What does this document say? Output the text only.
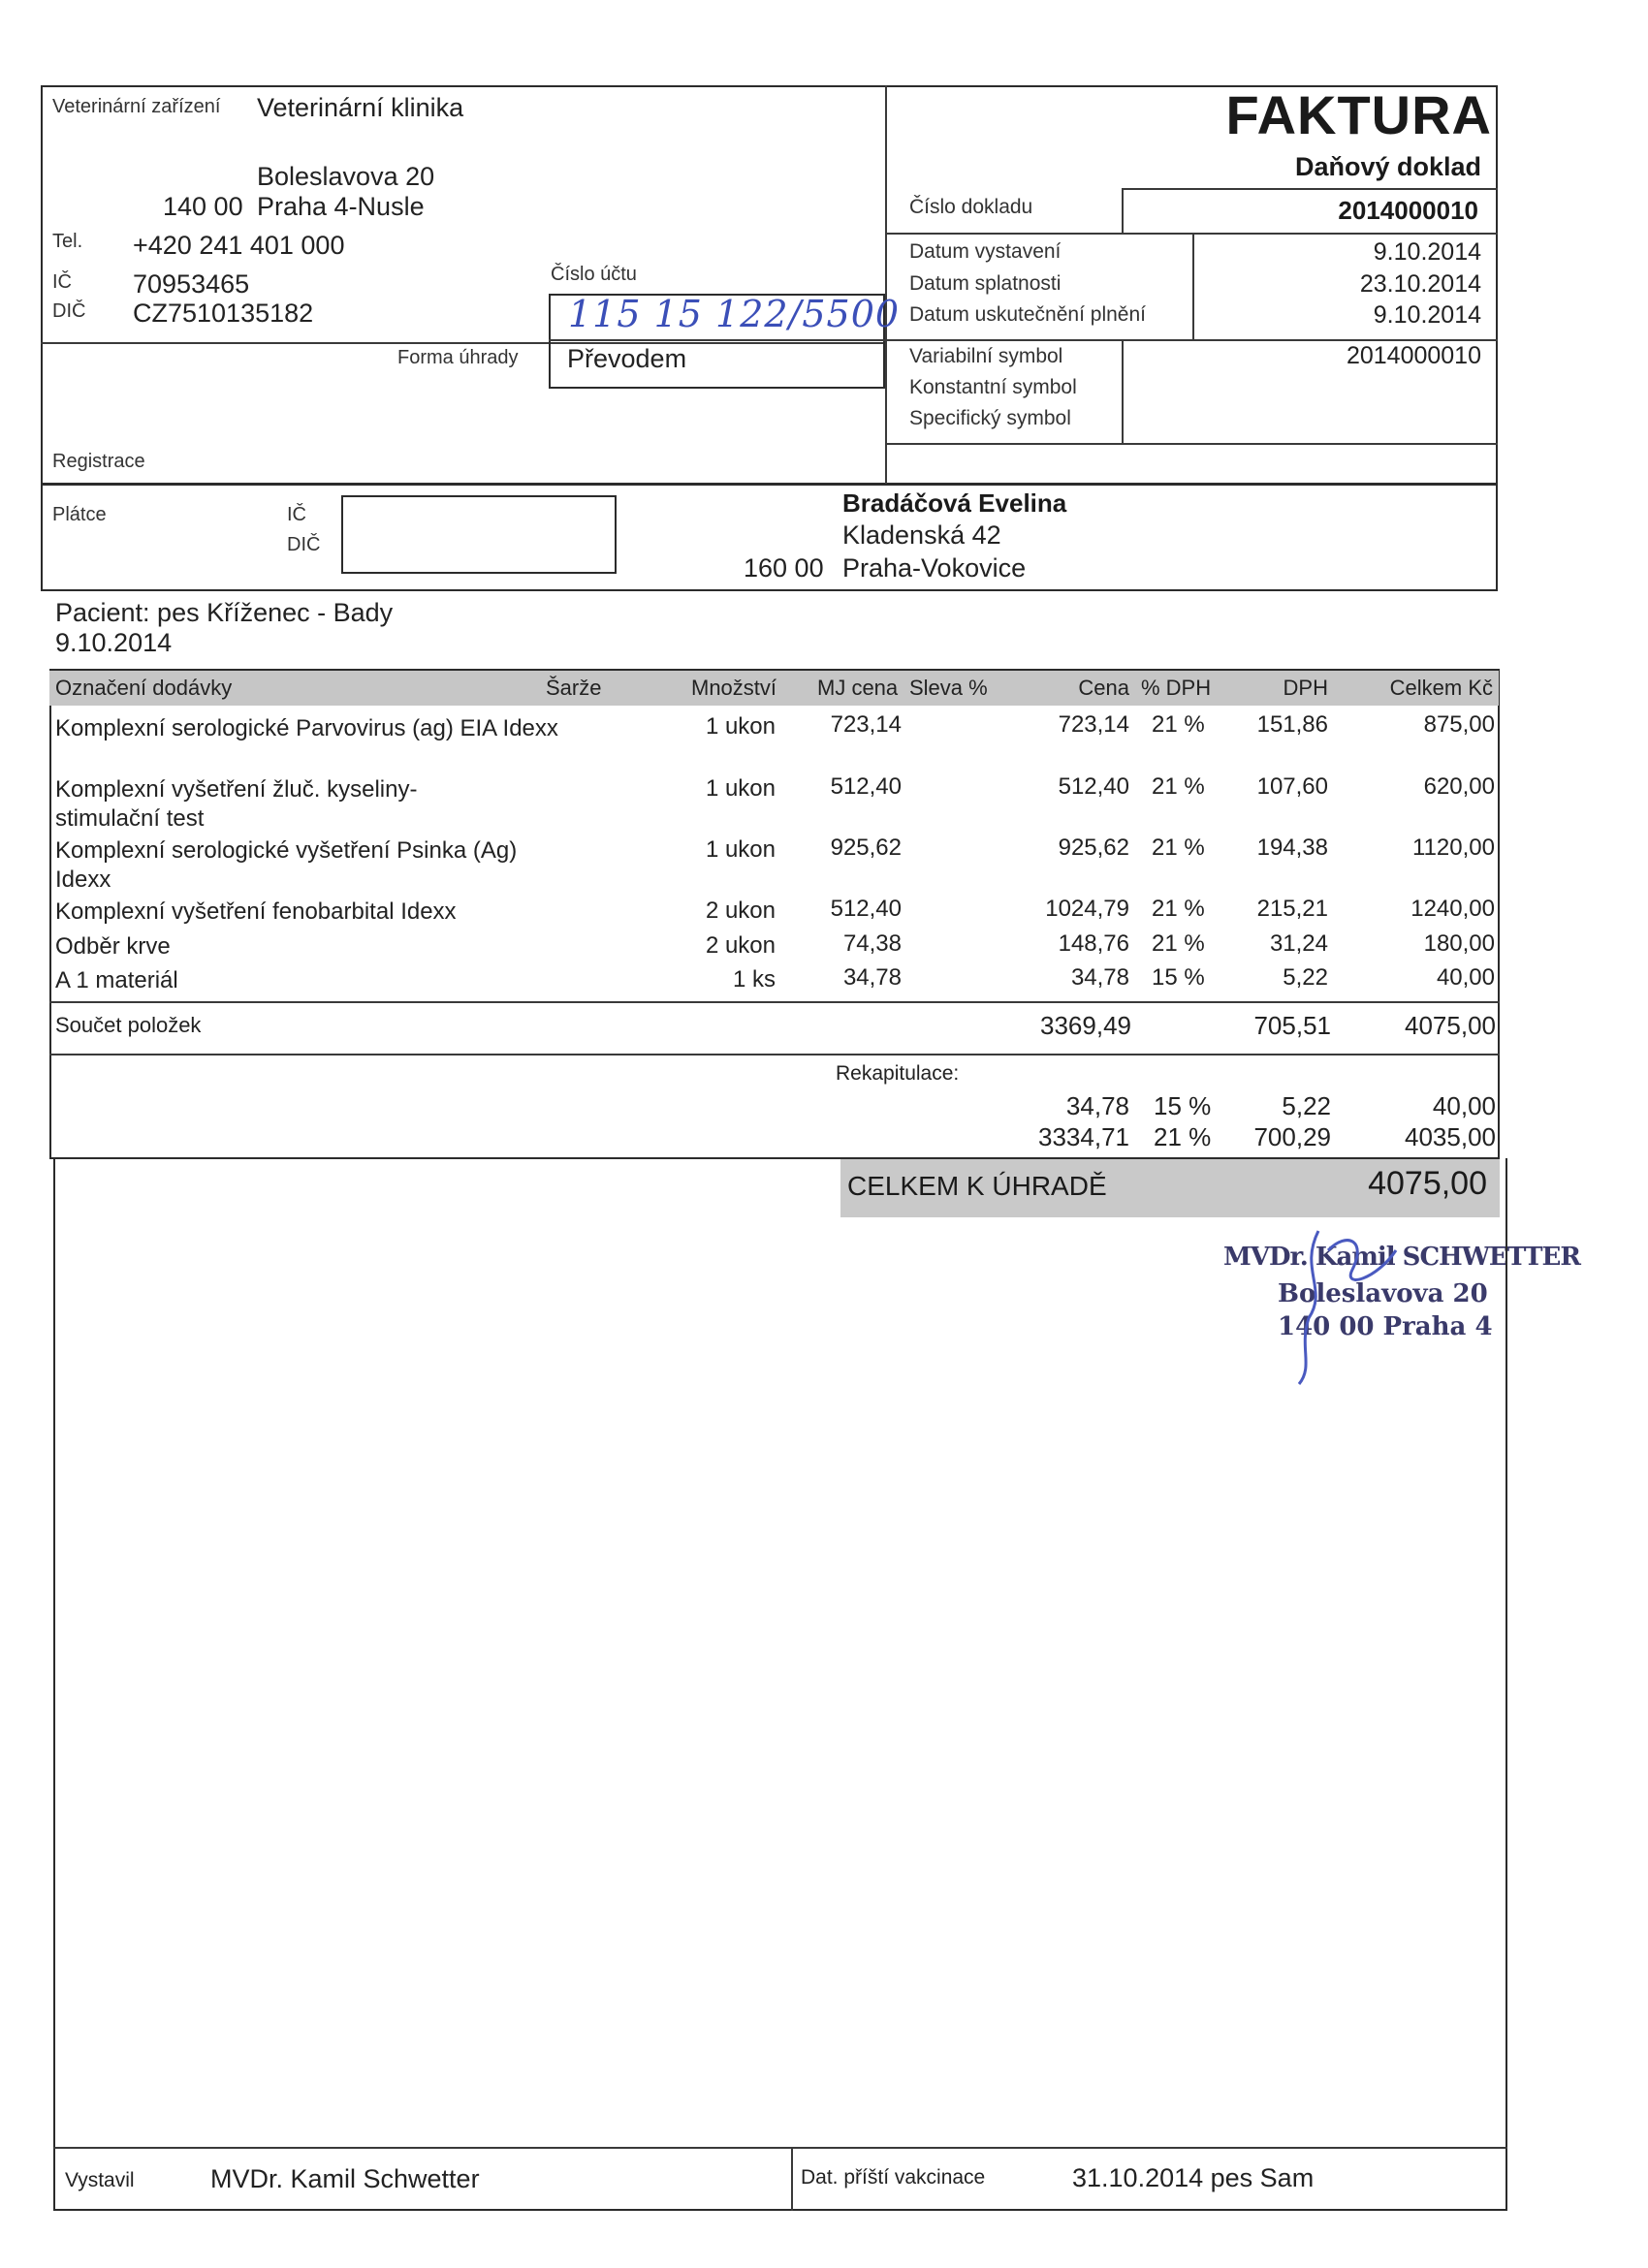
Veterinární zařízení Veterinární klinika
Boleslavova 20
140 00 Praha 4-Nusle
Tel. +420 241 401 000
IČ 70953465
DIČ CZ7510135182
Číslo účtu
115 15 122/5500
Forma úhrady Převodem
Registrace
FAKTURA
Daňový doklad
Číslo dokladu	2014000010
Datum vystavení	9.10.2014
Datum splatnosti	23.10.2014
Datum uskutečnění plnění	9.10.2014
Variabilní symbol	2014000010
Konstantní symbol
Specifický symbol
Plátce	IČ
DIČ
Bradáčová Evelina
Kladenská 42
160 00 Praha-Vokovice
Pacient: pes Kříženec - Bady
9.10.2014
Označení dodávky	Šarže	Množství MJ cena Sleva %	Cena % DPH	DPH	Celkem Kč
Komplexní serologické Parvovirus (ag) EIA Idexx	1 ukon 723,14	723,14 21 % 151,86	875,00
Komplexní vyšetření žluč. kyseliny-stimulační test
1 ukon 512,40	512,40 21 % 107,60	620,00
Komplexní serologické vyšetření Psinka (Ag) Idexx
1 ukon 925,62	925,62 21 % 194,38	1120,00
Komplexní vyšetření fenobarbital Idexx	2 ukon 512,40	1024,79 21 % 215,21	1240,00
Odběr krve	2 ukon	74,38	148,76 21 %	31,24	180,00
A 1 materiál	1 ks	34,78	34,78 15 %	5,22	40,00
Součet položek	3369,49	705,51	4075,00
Rekapitulace:
34,78 15 %	5,22	40,00
3334,71 21 % 700,29	4035,00
CELKEM K ÚHRADĚ	4075,00
MVDr. Kamil SCHWETTER
Boleslavova 20
140 00 Praha 4
Vystavil	MVDr. Kamil Schwetter	Dat. příští vakcinace	31.10.2014 pes Sam
